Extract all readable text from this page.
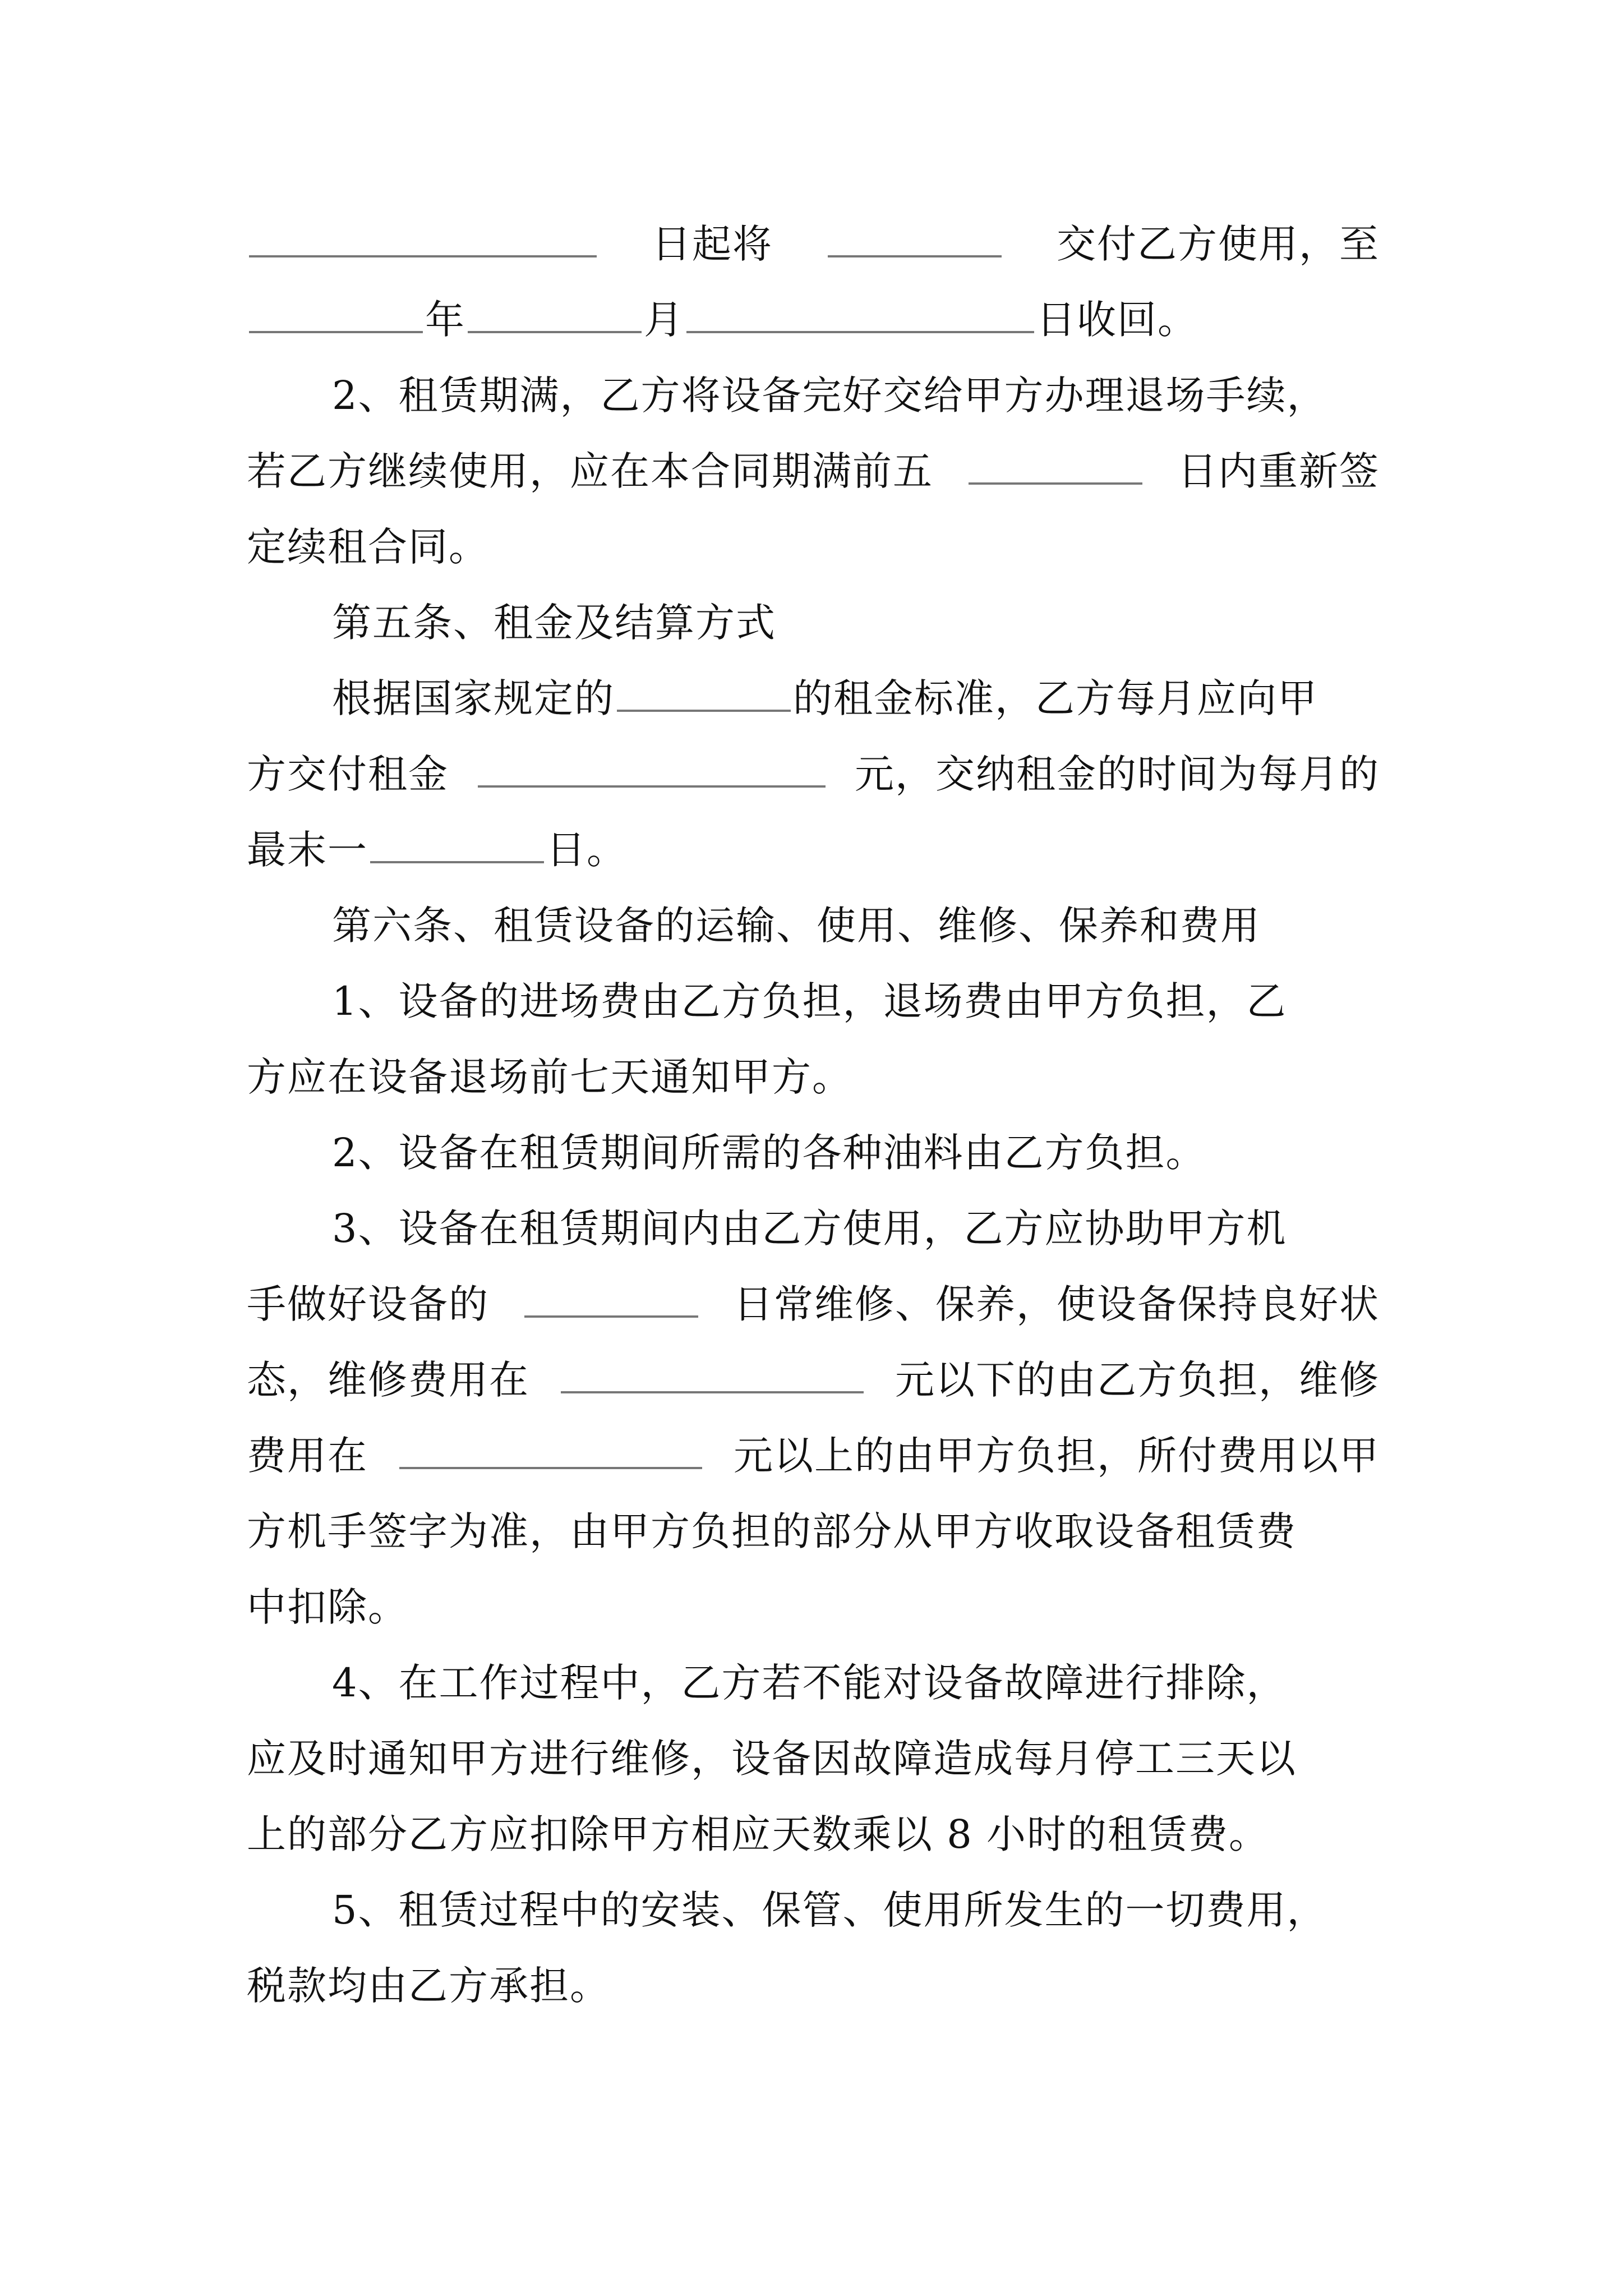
日起将	交付乙方使用，至
年	月	日收回。
2、租赁期满，乙方将设备完好交给甲方办理退场手续，
若乙方继续使用，应在本合同期满前五	日内重新签
定续租合同。
第五条、租金及结算方式
根据国家规定的	的租金标准，乙方每月应向甲
方交付租金	元，交纳租金的时间为每月的
最末一	日。
第六条、租赁设备的运输、使用、维修、保养和费用
1、设备的进场费由乙方负担，退场费由甲方负担，乙
方应在设备退场前七天通知甲方。
2、设备在租赁期间所需的各种油料由乙方负担。
3、设备在租赁期间内由乙方使用，乙方应协助甲方机
手做好设备的	日常维修、保养，使设备保持良好状
态，维修费用在	元以下的由乙方负担，维修
费用在	元以上的由甲方负担，所付费用以甲
方机手签字为准，由甲方负担的部分从甲方收取设备租赁费
中扣除。
4、在工作过程中，乙方若不能对设备故障进行排除，
应及时通知甲方进行维修，设备因故障造成每月停工三天以
上的部分乙方应扣除甲方相应天数乘以 8 小时的租赁费。
5、租赁过程中的安装、保管、使用所发生的一切费用，
税款均由乙方承担。
